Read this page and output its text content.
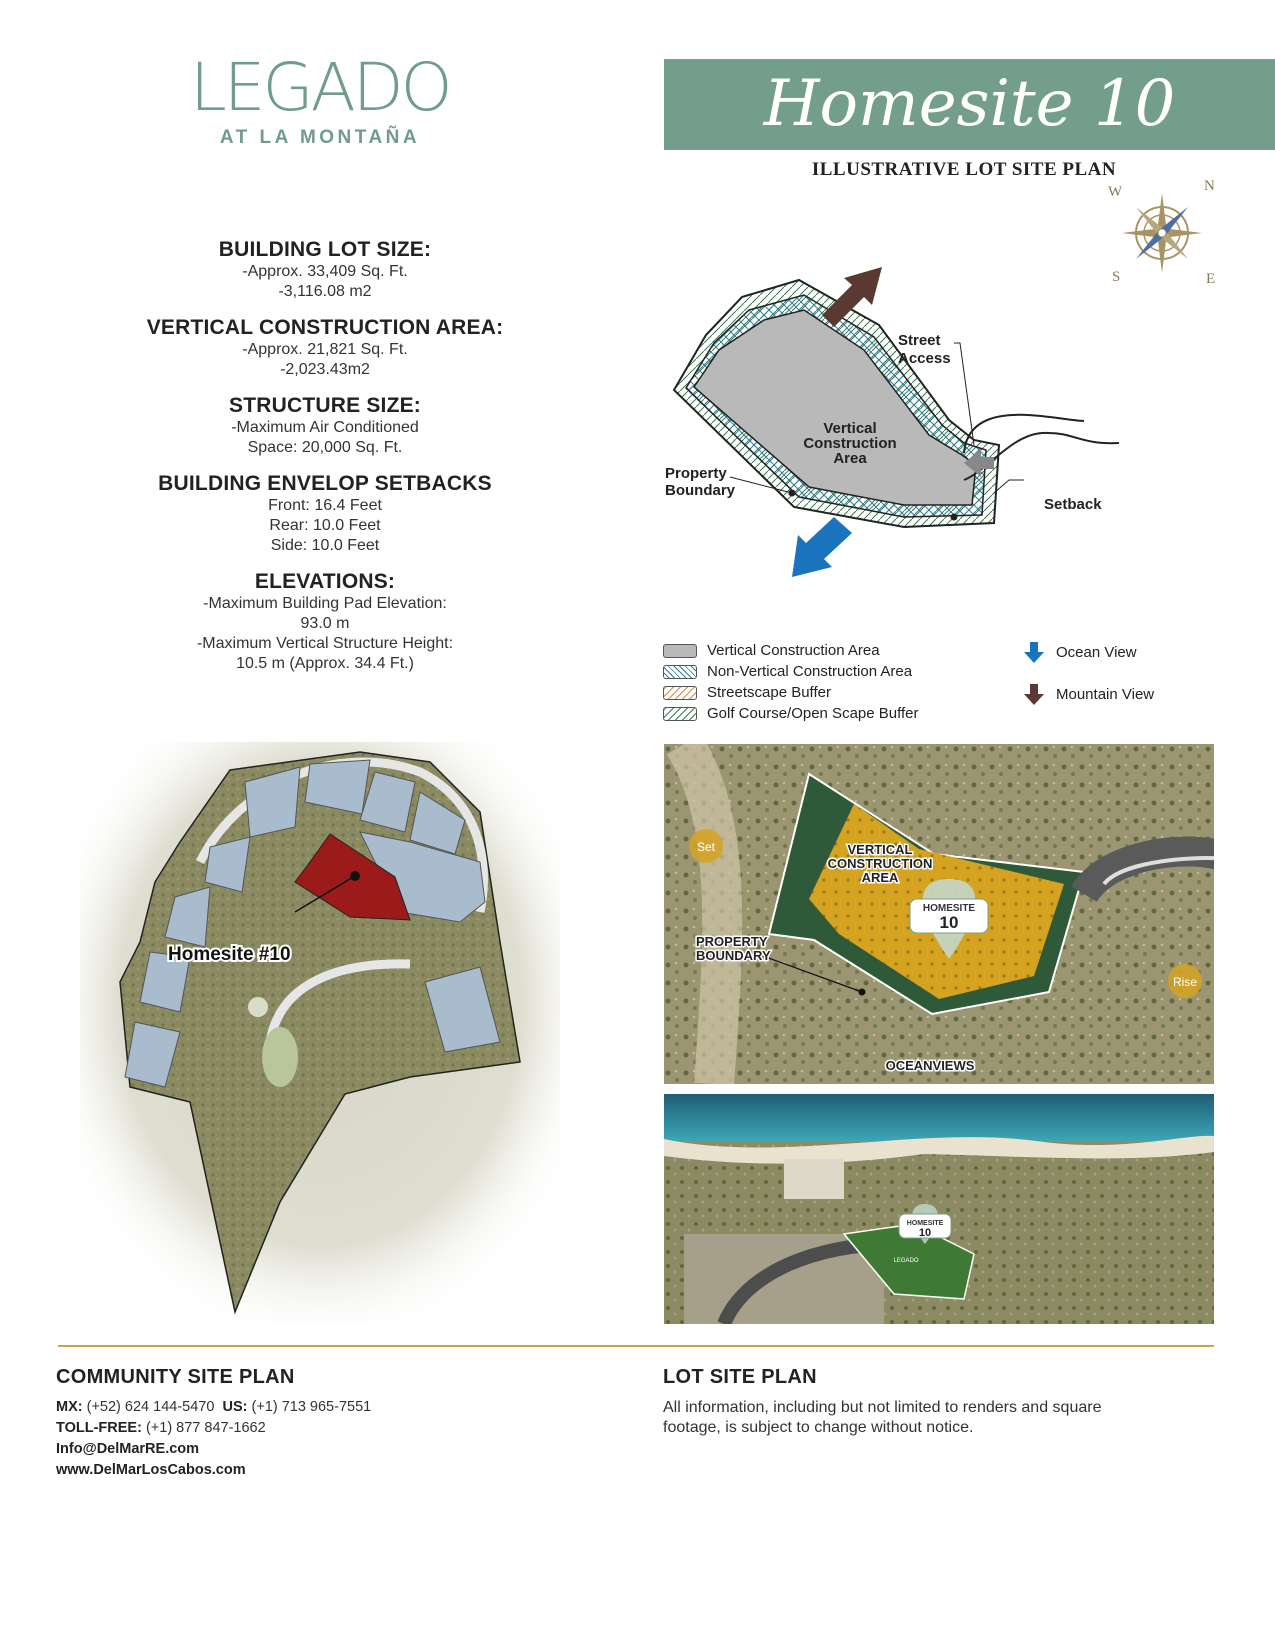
LEGADO
AT LA MONTAÑA	Homesite 10
ILLUSTRATIVE LOT SITE PLAN
W	N
S	E

BUILDING LOT SIZE:

-Approx. 33,409 Sq. Ft.

-3,116.08 m2

VERTICAL CONSTRUCTION AREA:

-Approx. 21,821 Sq. Ft.

-2,023.43m2

STRUCTURE SIZE:

-Maximum Air Conditioned

Space: 20,000 Sq. Ft.

BUILDING ENVELOP SETBACKS

Front: 16.4 Feet

Rear: 10.0 Feet

Side: 10.0 Feet

ELEVATIONS:

-Maximum Building Pad Elevation:

93.0 m

-Maximum Vertical Structure Height:

10.5 m (Approx. 34.4 Ft.)

Street
Access
Vertical
Construction
Area
Property
Boundary
Setback
Vertical Construction Area
Non-Vertical Construction Area
Streetscape Buffer
Golf Course/Open Scape Buffer
Ocean View
Mountain View
Homesite #10
VERTICAL
CONSTRUCTION
AREA
HOMESITE
10
PROPERTY
BOUNDARY
Set
Rise
OCEANVIEWS
HOMESITE
10
LEGADO
COMMUNITY SITE PLAN
MX: (+52) 624 144-5470 US: (+1) 713 965-7551
TOLL-FREE: (+1) 877 847-1662
Info@DelMarRE.com
www.DelMarLosCabos.com
LOT SITE PLAN
All information, including but not limited to renders and square
footage, is subject to change without notice.
